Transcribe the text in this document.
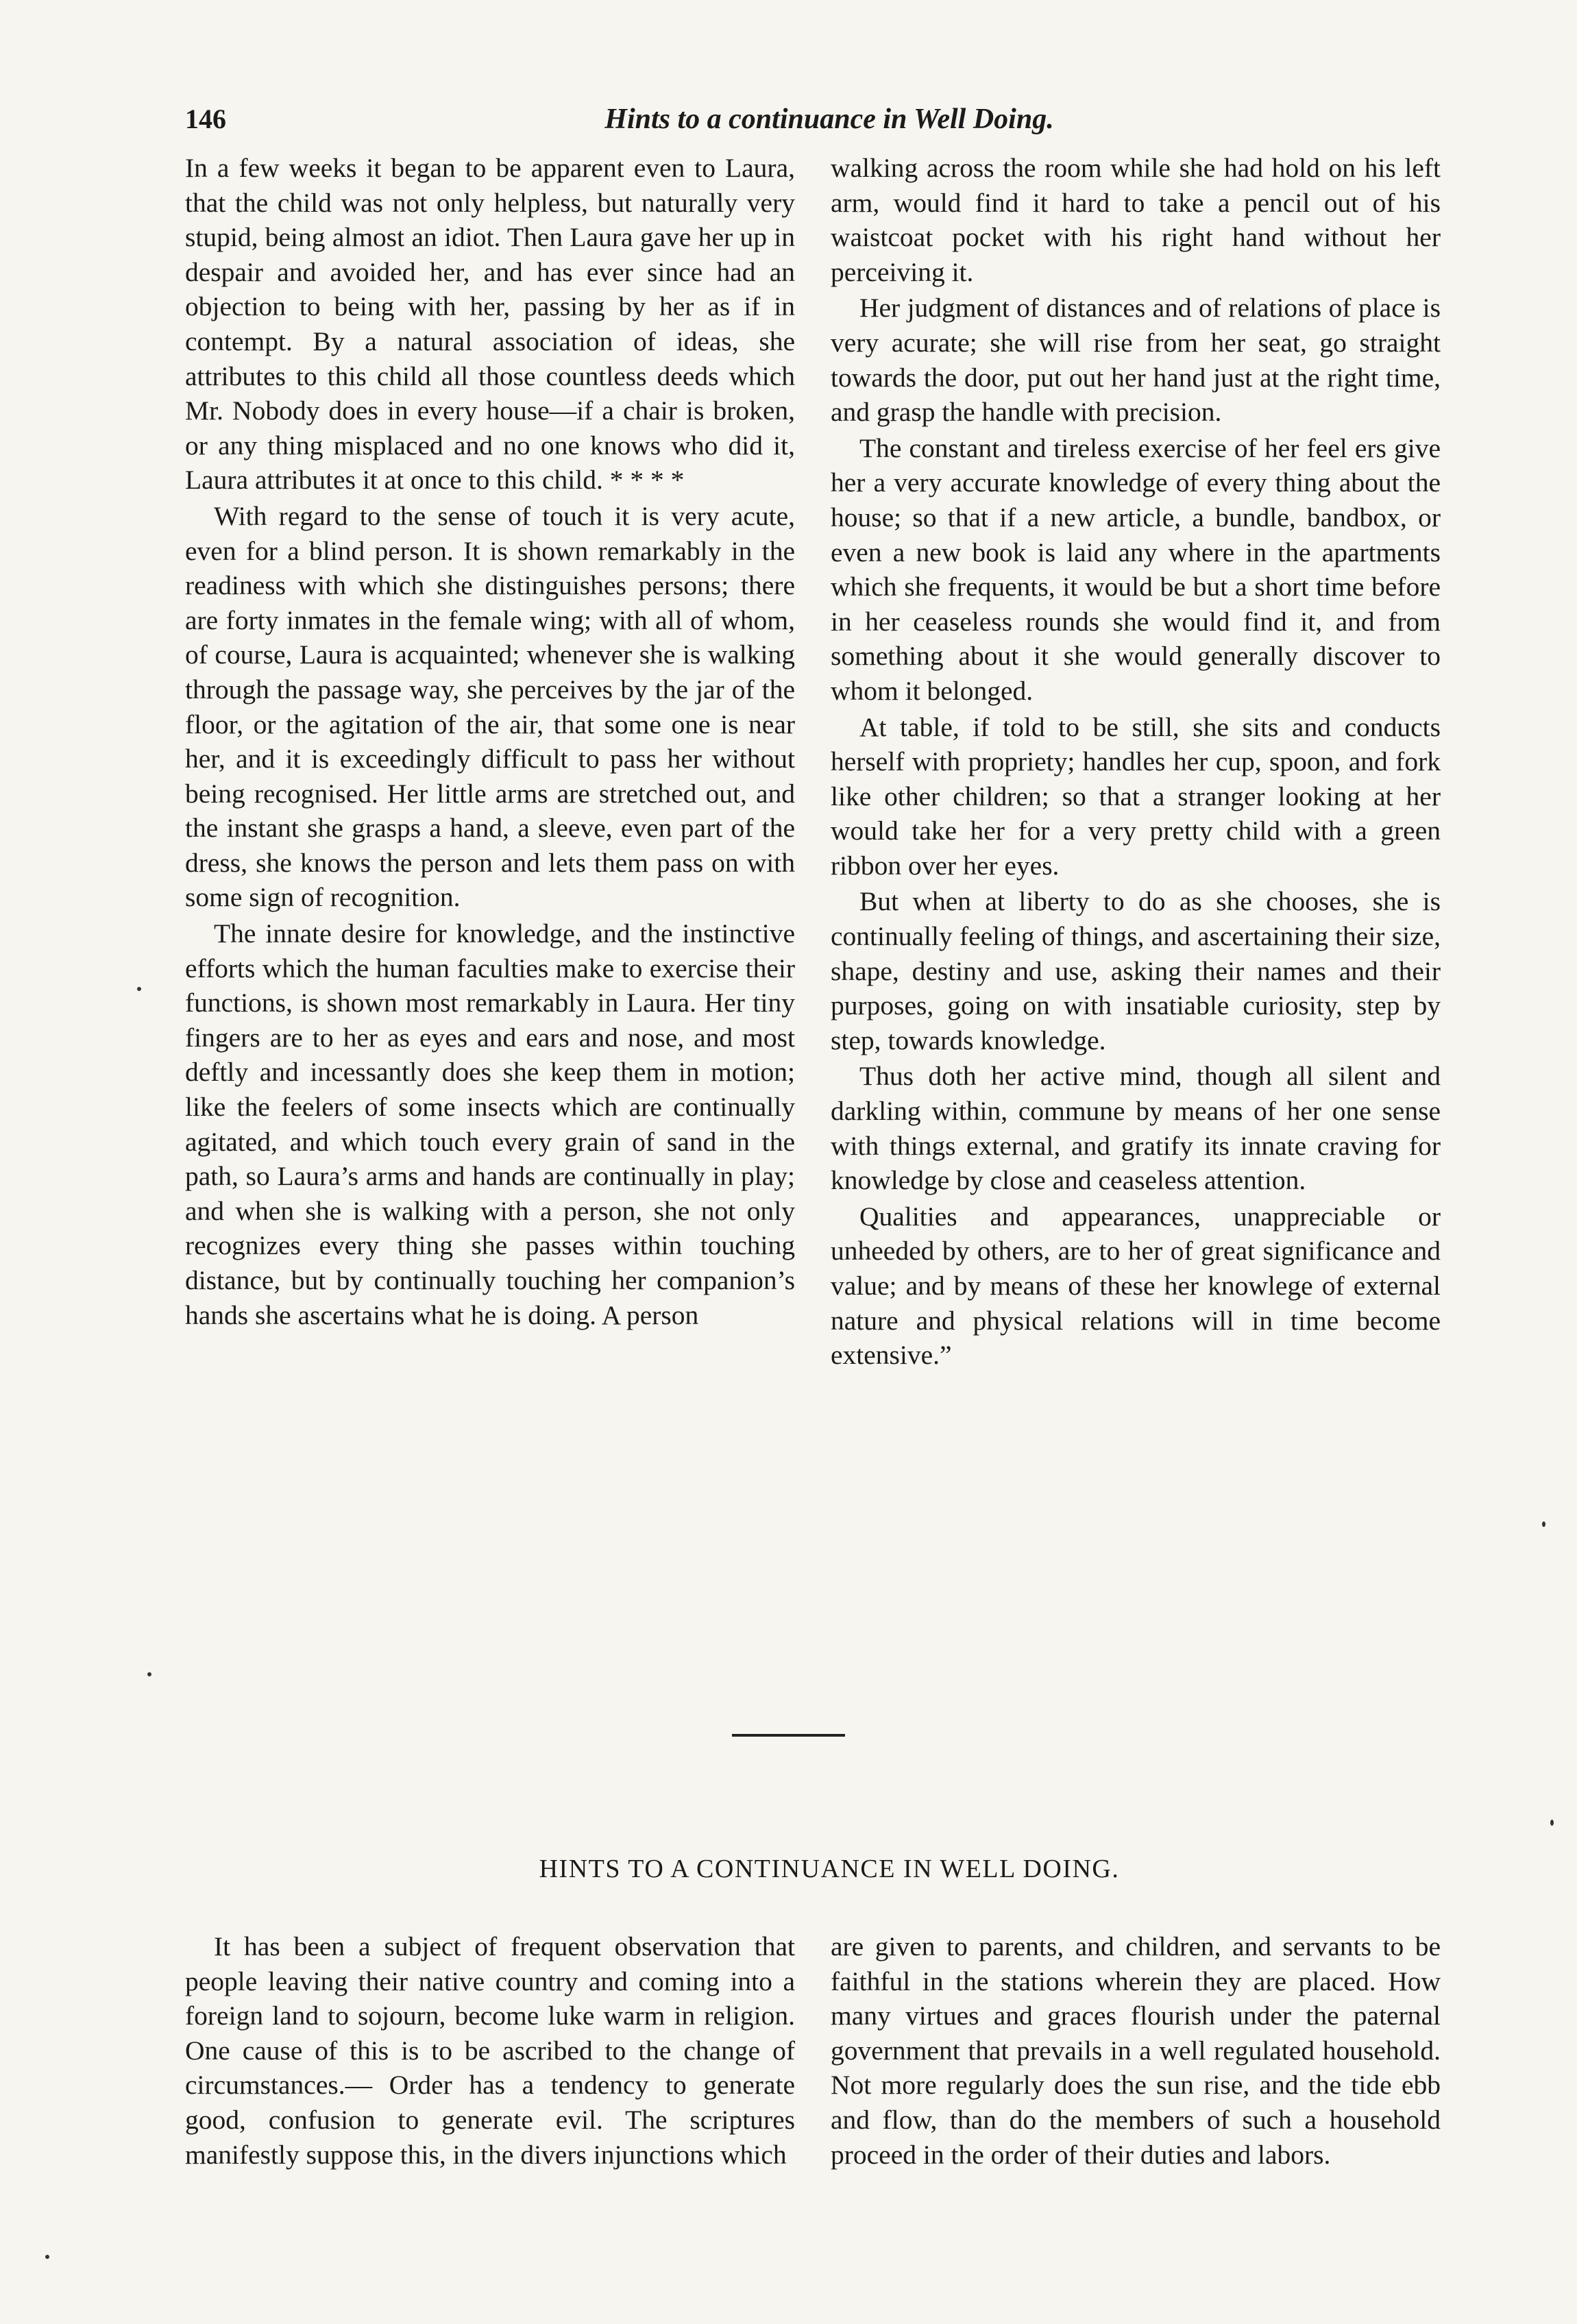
146	Hints to a continuance in Well Doing.

In a few weeks it began to be apparent even to Laura, that the child was not only helpless, but naturally very stupid, being almost an idiot. Then Laura gave her up in despair and avoided her, and has ever since had an objection to being with her, passing by her as if in contempt. By a natural association of ideas, she attributes to this child all those countless deeds which Mr. Nobody does in every house—if a chair is broken, or any thing misplaced and no one knows who did it, Laura attributes it at once to this child. * * * *

With regard to the sense of touch it is very acute, even for a blind person. It is shown remarkably in the readiness with which she distinguishes persons; there are forty inmates in the female wing; with all of whom, of course, Laura is acquainted; whenever she is walking through the passage way, she perceives by the jar of the floor, or the agitation of the air, that some one is near her, and it is exceedingly difficult to pass her without being recognised. Her little arms are stretched out, and the instant she grasps a hand, a sleeve, even part of the dress, she knows the person and lets them pass on with some sign of recognition.

The innate desire for knowledge, and the instinctive efforts which the human faculties make to exercise their functions, is shown most remarkably in Laura. Her tiny fingers are to her as eyes and ears and nose, and most deftly and incessantly does she keep them in motion; like the feelers of some insects which are continually agitated, and which touch every grain of sand in the path, so Laura’s arms and hands are continually in play; and when she is walking with a person, she not only recognizes every thing she passes within touching distance, but by continually touching her companion’s hands she ascertains what he is doing. A person

walking across the room while she had hold on his left arm, would find it hard to take a pencil out of his waistcoat pocket with his right hand without her perceiving it.

Her judgment of distances and of relations of place is very acurate; she will rise from her seat, go straight towards the door, put out her hand just at the right time, and grasp the handle with precision.

The constant and tireless exercise of her feel ers give her a very accurate knowledge of every thing about the house; so that if a new article, a bundle, bandbox, or even a new book is laid any where in the apartments which she frequents, it would be but a short time before in her ceaseless rounds she would find it, and from something about it she would generally discover to whom it belonged.

At table, if told to be still, she sits and conducts herself with propriety; handles her cup, spoon, and fork like other children; so that a stranger looking at her would take her for a very pretty child with a green ribbon over her eyes.

But when at liberty to do as she chooses, she is continually feeling of things, and ascertaining their size, shape, destiny and use, asking their names and their purposes, going on with insatiable curiosity, step by step, towards knowledge.

Thus doth her active mind, though all silent and darkling within, commune by means of her one sense with things external, and gratify its innate craving for knowledge by close and ceaseless attention.

Qualities and appearances, unappreciable or unheeded by others, are to her of great significance and value; and by means of these her knowlege of external nature and physical relations will in time become extensive.”

HINTS TO A CONTINUANCE IN WELL DOING.

It has been a subject of frequent observation that people leaving their native country and coming into a foreign land to sojourn, become luke warm in religion. One cause of this is to be ascribed to the change of circumstances.— Order has a tendency to generate good, confusion to generate evil. The scriptures manifestly suppose this, in the divers injunctions which

are given to parents, and children, and servants to be faithful in the stations wherein they are placed. How many virtues and graces flourish under the paternal government that prevails in a well regulated household. Not more regularly does the sun rise, and the tide ebb and flow, than do the members of such a household proceed in the order of their duties and labors.
